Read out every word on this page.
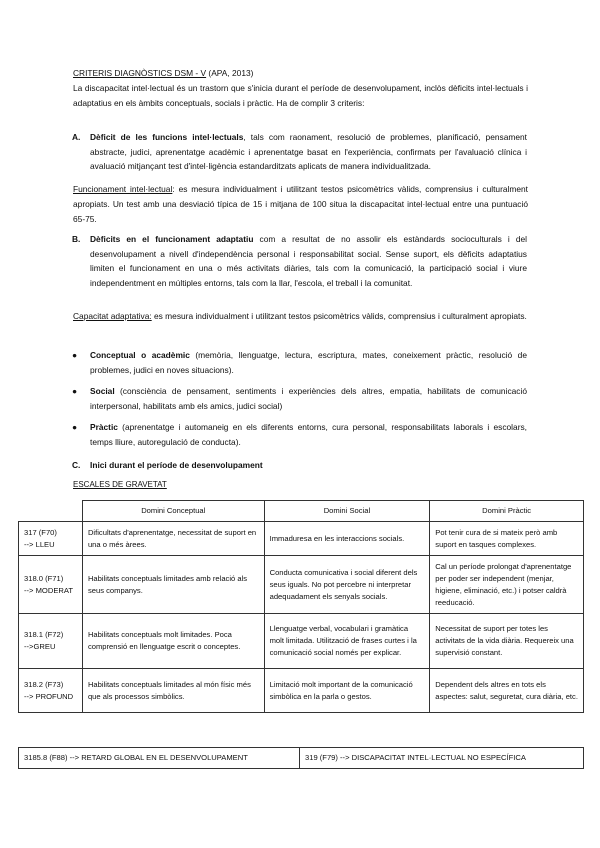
CRITERIS DIAGNÒSTICS DSM - V (APA, 2013)
La discapacitat intel·lectual és un trastorn que s'inicia durant el període de desenvolupament, inclòs dèficits intel·lectuals i adaptatius en els àmbits conceptuals, socials i pràctic. Ha de complir 3 criteris:
A. Dèficit de les funcions intel·lectuals, tals com raonament, resolució de problemes, planificació, pensament abstracte, judici, aprenentatge acadèmic i aprenentatge basat en l'experiència, confirmats per l'avaluació clínica i avaluació mitjançant test d'intel·ligència estandarditzats aplicats de manera individualitzada.
Funcionament intel·lectual: es mesura individualment i utilitzant testos psicomètrics vàlids, comprensius i culturalment apropiats. Un test amb una desviació típica de 15 i mitjana de 100 situa la discapacitat intel·lectual entre una puntuació 65-75.
B. Dèficits en el funcionament adaptatiu com a resultat de no assolir els estàndards socioculturals i del desenvolupament a nivell d'independència personal i responsabilitat social. Sense suport, els dèficits adaptatius limiten el funcionament en una o més activitats diàries, tals com la comunicació, la participació social i viure independentment en múltiples entorns, tals com la llar, l'escola, el treball i la comunitat.
Capacitat adaptativa: es mesura individualment i utilitzant testos psicomètrics vàlids, comprensius i culturalment apropiats.
● Conceptual o acadèmic (memòria, llenguatge, lectura, escriptura, mates, coneixement pràctic, resolució de problemes, judici en noves situacions).
● Social (consciència de pensament, sentiments i experiències dels altres, empatia, habilitats de comunicació interpersonal, habilitats amb els amics, judici social)
● Pràctic (aprenentatge i automaneig en els diferents entorns, cura personal, responsabilitats laborals i escolars, temps lliure, autoregulació de conducta).
C. Inici durant el període de desenvolupament
ESCALES DE GRAVETAT
	Domini Conceptual	Domini Social	Domini Pràctic
317 (F70)
--> LLEU	Dificultats d'aprenentatge, necessitat de suport en una o més àrees.	Immaduresa en les interaccions socials.	Pot tenir cura de si mateix però amb suport en tasques complexes.
318.0 (F71)
--> MODERAT	Habilitats conceptuals limitades amb relació als seus companys.	Conducta comunicativa i social diferent dels seus iguals. No pot percebre ni interpretar adequadament els senyals socials.	Cal un període prolongat d'aprenentatge per poder ser independent (menjar, higiene, eliminació, etc.) i potser caldrà reeducació.
318.1 (F72)
-->GREU	Habilitats conceptuals molt limitades. Poca comprensió en llenguatge escrit o conceptes.	Llenguatge verbal, vocabulari i gramàtica molt limitada. Utilització de frases curtes i la comunicació social només per explicar.	Necessitat de suport per totes les activitats de la vida diària. Requereix una supervisió constant.
318.2 (F73)
--> PROFUND	Habilitats conceptuals limitades al món físic més que als processos simbòlics.	Limitació molt important de la comunicació simbòlica en la parla o gestos.	Dependent dels altres en tots els aspectes: salut, seguretat, cura diària, etc.
3185.8 (F88) --> RETARD GLOBAL EN EL DESENVOLUPAMENT	319 (F79) --> DISCAPACITAT INTEL·LECTUAL NO ESPECÍFICA
